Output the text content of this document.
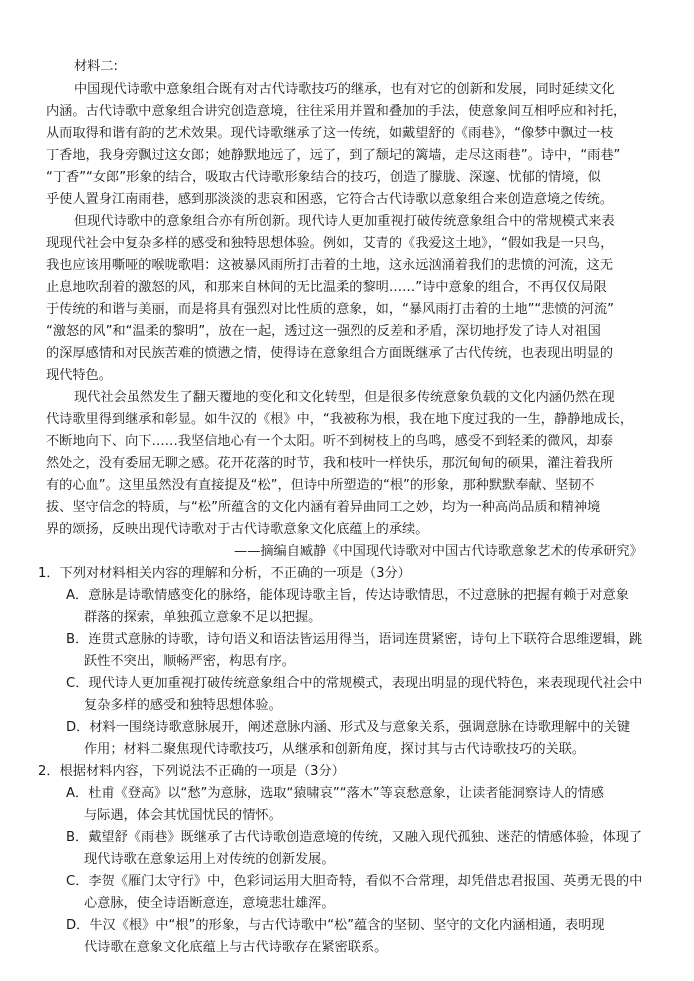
材料二:
中国现代诗歌中意象组合既有对古代诗歌技巧的继承，也有对它的创新和发展，同时延续文化
内涵。古代诗歌中意象组合讲究创造意境，往往采用并置和叠加的手法，使意象间互相呼应和衬托，
从而取得和谐有韵的艺术效果。现代诗歌继承了这一传统，如戴望舒的《雨巷》，“像梦中飘过一枝
丁香地，我身旁飘过这女郎；她静默地远了，远了，到了颓圮的篱墙，走尽这雨巷”。诗中，“雨巷”
“丁香”“女郎”形象的结合，吸取古代诗歌形象结合的技巧，创造了朦胧、深邃、忧郁的情境，似
乎使人置身江南雨巷，感到那淡淡的悲哀和困惑，它符合古代诗歌以意象组合来创造意境之传统。
但现代诗歌中的意象组合亦有所创新。现代诗人更加重视打破传统意象组合中的常规模式来表
现现代社会中复杂多样的感受和独特思想体验。例如，艾青的《我爱这土地》，“假如我是一只鸟，
我也应该用嘶哑的喉咙歌唱：这被暴风雨所打击着的土地，这永远汹涌着我们的悲愤的河流，这无
止息地吹刮着的激怒的风，和那来自林间的无比温柔的黎明……”诗中意象的组合，不再仅仅局限
于传统的和谐与美丽，而是将具有强烈对比性质的意象，如，“暴风雨打击着的土地”“悲愤的河流”
“激怒的风”和“温柔的黎明”，放在一起，透过这一强烈的反差和矛盾，深切地抒发了诗人对祖国
的深厚感情和对民族苦难的愤懑之情，使得诗在意象组合方面既继承了古代传统，也表现出明显的
现代特色。
现代社会虽然发生了翻天覆地的变化和文化转型，但是很多传统意象负载的文化内涵仍然在现
代诗歌里得到继承和彰显。如牛汉的《根》中，“我被称为根，我在地下度过我的一生，静静地成长，
不断地向下、向下……我坚信地心有一个太阳。听不到树枝上的鸟鸣，感受不到轻柔的微风，却泰
然处之，没有委屈无聊之感。花开花落的时节，我和枝叶一样快乐，那沉甸甸的硕果，灌注着我所
有的心血”。这里虽然没有直接提及“松”，但诗中所塑造的“根”的形象，那种默默奉献、坚韧不
拔、坚守信念的特质，与“松”所蕴含的文化内涵有着异曲同工之妙，均为一种高尚品质和精神境
界的颂扬，反映出现代诗歌对于古代诗歌意象文化底蕴上的承续。
——摘编自臧静《中国现代诗歌对中国古代诗歌意象艺术的传承研究》
1．下列对材料相关内容的理解和分析，不正确的一项是（3分）
A．意脉是诗歌情感变化的脉络，能体现诗歌主旨，传达诗歌情思，不过意脉的把握有赖于对意象
群落的探索，单独孤立意象不足以把握。
B．连贯式意脉的诗歌，诗句语义和语法皆运用得当，语词连贯紧密，诗句上下联符合思维逻辑，跳
跃性不突出，顺畅严密，构思有序。
C．现代诗人更加重视打破传统意象组合中的常规模式，表现出明显的现代特色，来表现现代社会中
复杂多样的感受和独特思想体验。
D．材料一围绕诗歌意脉展开，阐述意脉内涵、形式及与意象关系，强调意脉在诗歌理解中的关键
作用；材料二聚焦现代诗歌技巧，从继承和创新角度，探讨其与古代诗歌技巧的关联。
2．根据材料内容，下列说法不正确的一项是（3分）
A．杜甫《登高》以“愁”为意脉，选取“猿啸哀”“落木”等哀愁意象，让读者能洞察诗人的情感
与际遇，体会其忧国忧民的情怀。
B．戴望舒《雨巷》既继承了古代诗歌创造意境的传统，又融入现代孤独、迷茫的情感体验，体现了
现代诗歌在意象运用上对传统的创新发展。
C．李贺《雁门太守行》中，色彩词运用大胆奇特，看似不合常理，却凭借忠君报国、英勇无畏的中
心意脉，使全诗语断意连，意境悲壮雄浑。
D．牛汉《根》中“根”的形象，与古代诗歌中“松”蕴含的坚韧、坚守的文化内涵相通，表明现
代诗歌在意象文化底蕴上与古代诗歌存在紧密联系。
